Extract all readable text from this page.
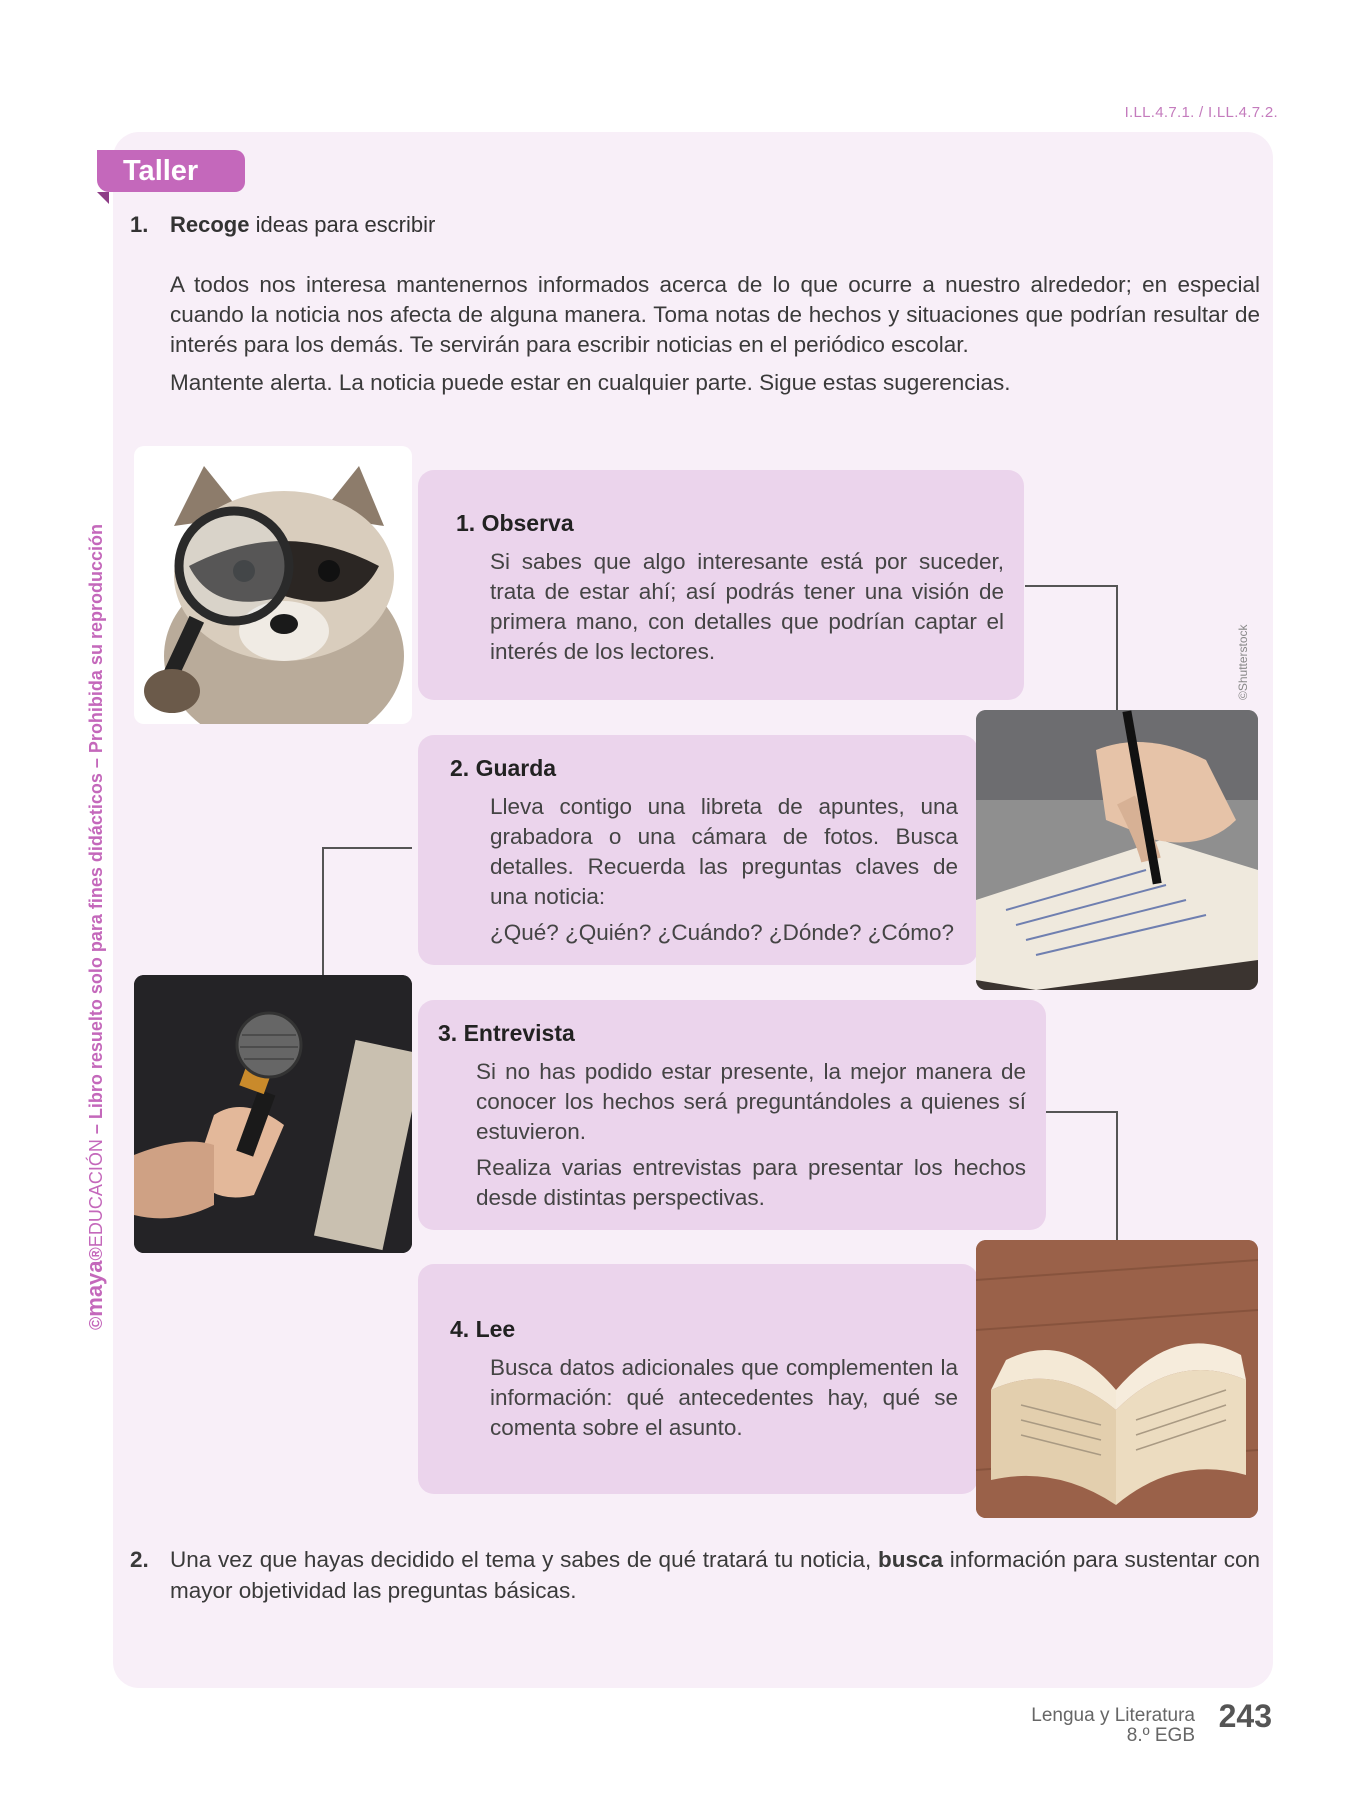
I.LL.4.7.1. / I.LL.4.7.2.
Taller
©maya®EDUCACIÓN – Libro resuelto solo para fines didácticos – Prohibida su reproducción	©Shutterstock
1. Recoge ideas para escribir

A todos nos interesa mantenernos informados acerca de lo que ocurre a nuestro alrededor; en especial cuando la noticia nos afecta de alguna manera. Toma notas de hechos y situaciones que podrían resultar de interés para los demás. Te servirán para escribir noticias en el periódico escolar.

Mantente alerta. La noticia puede estar en cualquier parte. Sigue estas sugerencias.

1. Observa

Si sabes que algo interesante está por suceder, trata de estar ahí; así podrás tener una visión de primera mano, con detalles que podrían captar el interés de los lectores.

2. Guarda

Lleva contigo una libreta de apuntes, una grabadora o una cámara de fotos. Busca detalles. Recuerda las preguntas claves de una noticia:

¿Qué? ¿Quién? ¿Cuándo? ¿Dónde? ¿Cómo?

3. Entrevista

Si no has podido estar presente, la mejor manera de conocer los hechos será preguntándoles a quienes sí estuvieron.

Realiza varias entrevistas para presentar los hechos desde distintas perspectivas.

4. Lee

Busca datos adicionales que complementen la información: qué antecedentes hay, qué se comenta sobre el asunto.

2. Una vez que hayas decidido el tema y sabes de qué tratará tu noticia, busca información para sustentar con mayor objetividad las preguntas básicas.
Lengua y Literatura
8.º EGB
243
